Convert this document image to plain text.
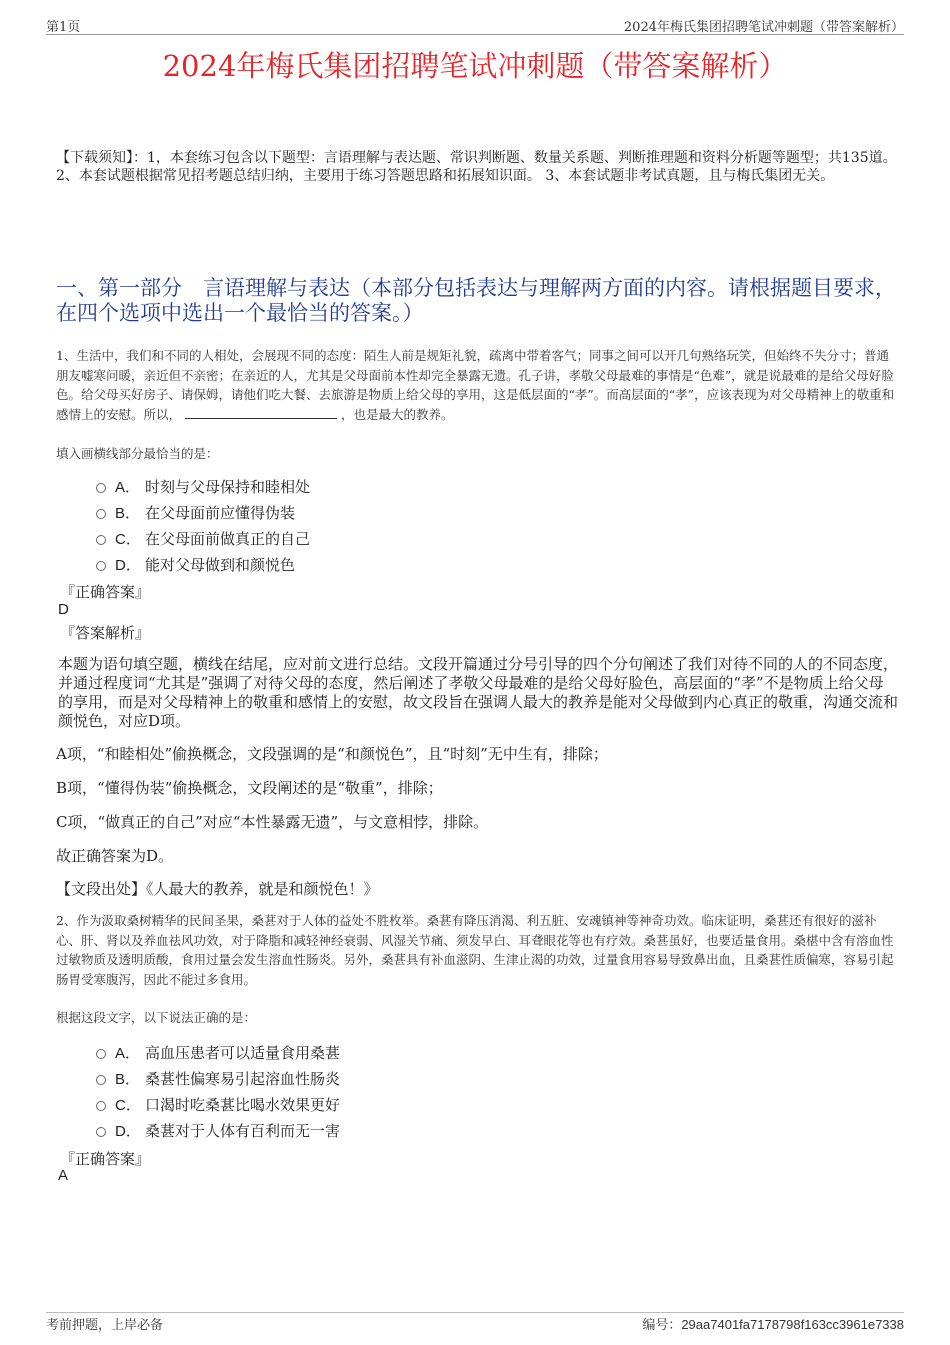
第1页	2024年梅氏集团招聘笔试冲刺题（带答案解析）
2024年梅氏集团招聘笔试冲刺题（带答案解析）
【下载须知】：1，本套练习包含以下题型：言语理解与表达题、常识判断题、数量关系题、判断推理题和资料分析题等题型；共135道。 2、本套试题根据常见招考题总结归纳，主要用于练习答题思路和拓展知识面。 3、本套试题非考试真题，且与梅氏集团无关。
一、第一部分　言语理解与表达（本部分包括表达与理解两方面的内容。请根据题目要求，在四个选项中选出一个最恰当的答案。）
1、生活中，我们和不同的人相处，会展现不同的态度：陌生人前是规矩礼貌，疏离中带着客气；同事之间可以开几句熟络玩笑，但始终不失分寸；普通朋友嘘寒问暖，亲近但不亲密；在亲近的人，尤其是父母面前本性却完全暴露无遗。孔子讲，孝敬父母最难的事情是“色难”，就是说最难的是给父母好脸色。给父母买好房子、请保姆，请他们吃大餐、去旅游是物质上给父母的享用，这是低层面的“孝”。而高层面的“孝”，应该表现为对父母精神上的敬重和感情上的安慰。所以，	，也是最大的教养。
填入画横线部分最恰当的是：
A． 时刻与父母保持和睦相处
B． 在父母面前应懂得伪装
C． 在父母面前做真正的自己
D． 能对父母做到和颜悦色
『正确答案』
D
『答案解析』
本题为语句填空题，横线在结尾，应对前文进行总结。文段开篇通过分号引导的四个分句阐述了我们对待不同的人的不同态度，并通过程度词“尤其是”强调了对待父母的态度，然后阐述了孝敬父母最难的是给父母好脸色，高层面的“孝”不是物质上给父母的享用，而是对父母精神上的敬重和感情上的安慰，故文段旨在强调人最大的教养是能对父母做到内心真正的敬重，沟通交流和颜悦色，对应D项。
A项，“和睦相处”偷换概念，文段强调的是“和颜悦色”，且“时刻”无中生有，排除；
B项，“懂得伪装”偷换概念，文段阐述的是“敬重”，排除；
C项，“做真正的自己”对应“本性暴露无遗”，与文意相悖，排除。
故正确答案为D。
【文段出处】《人最大的教养，就是和颜悦色！》
2、作为汲取桑树精华的民间圣果，桑葚对于人体的益处不胜枚举。桑葚有降压消渴、利五脏、安魂镇神等神奇功效。临床证明，桑葚还有很好的滋补心、肝、肾以及养血祛风功效，对于降脂和减轻神经衰弱、风湿关节痛、须发早白、耳聋眼花等也有疗效。桑葚虽好，也要适量食用。桑椹中含有溶血性过敏物质及透明质酸，食用过量会发生溶血性肠炎。另外，桑葚具有补血滋阴、生津止渴的功效，过量食用容易导致鼻出血，且桑葚性质偏寒，容易引起肠胃受寒腹泻，因此不能过多食用。
根据这段文字，以下说法正确的是：
A． 高血压患者可以适量食用桑葚
B． 桑葚性偏寒易引起溶血性肠炎
C． 口渴时吃桑葚比喝水效果更好
D． 桑葚对于人体有百利而无一害
『正确答案』
A
考前押题，上岸必备	编号：29aa7401fa7178798f163cc3961e7338
